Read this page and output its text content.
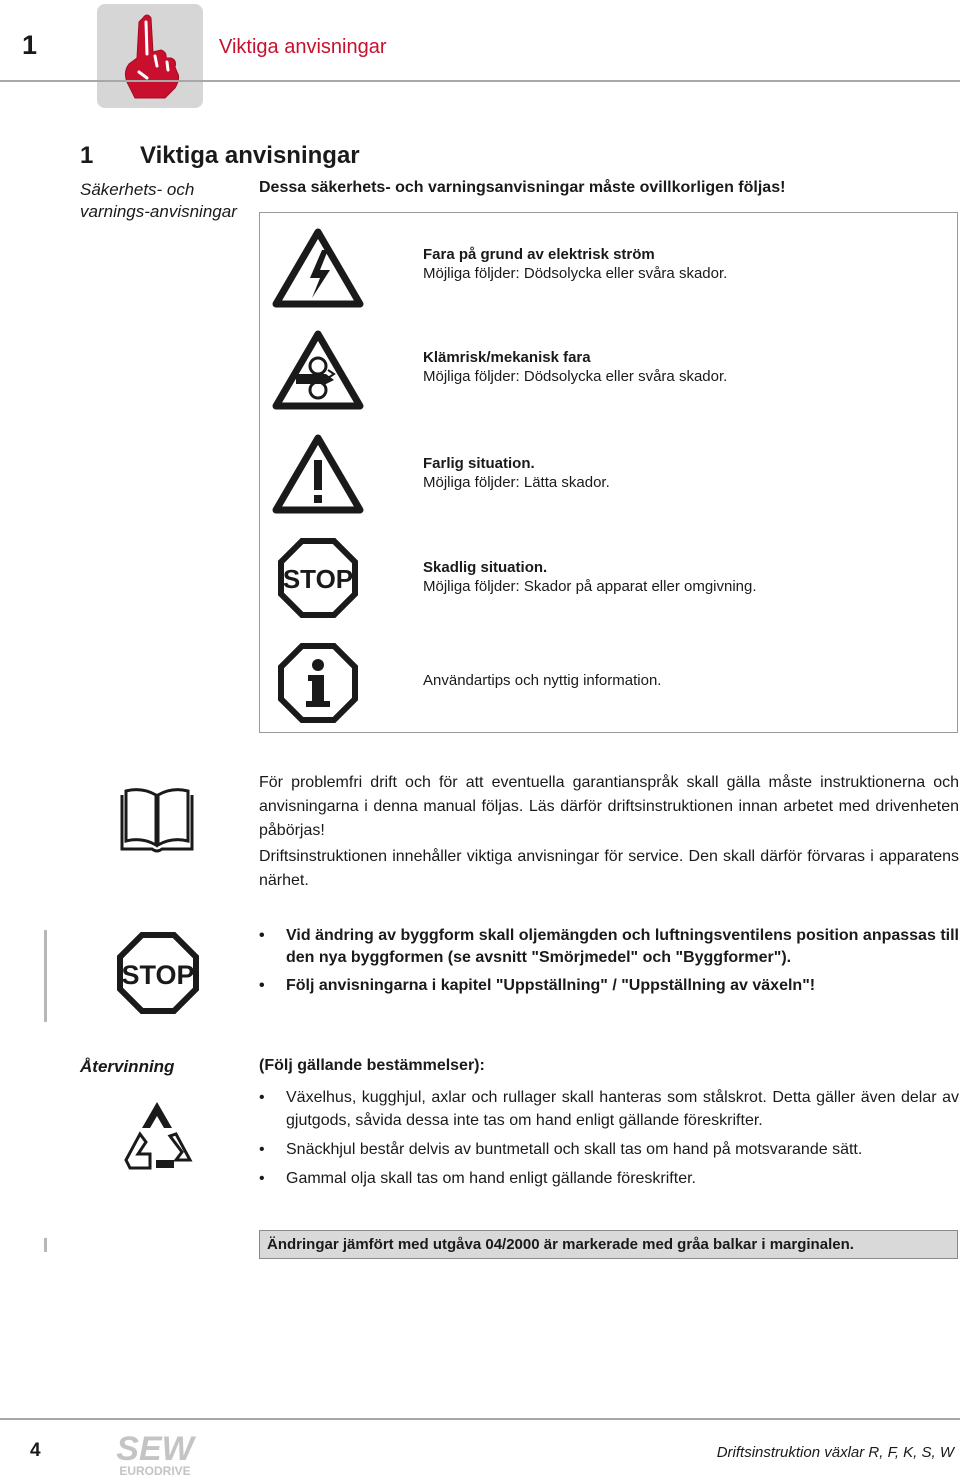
1	Viktiga anvisningar
1 Viktiga anvisningar
Säkerhets- och varnings-anvisningar
Dessa säkerhets- och varningsanvisningar måste ovillkorligen följas!
Fara på grund av elektrisk ström
Möjliga följder: Dödsolycka eller svåra skador.
Klämrisk/mekanisk fara
Möjliga följder: Dödsolycka eller svåra skador.
Farlig situation.
Möjliga följder: Lätta skador.
STOP	Skadlig situation.
Möjliga följder: Skador på apparat eller omgivning.
Användartips och nyttig information.
För problemfri drift och för att eventuella garantianspråk skall gälla måste instruktionerna och anvisningarna i denna manual följas. Läs därför driftsinstruktionen innan arbetet med drivenheten påbörjas!
Driftsinstruktionen innehåller viktiga anvisningar för service. Den skall därför förvaras i apparatens närhet.
STOP
• Vid ändring av byggform skall oljemängden och luftningsventilens position anpassas till den nya byggformen (se avsnitt "Smörjmedel" och "Byggformer").
• Följ anvisningarna i kapitel "Uppställning" / "Uppställning av växeln"!
Återvinning	(Följ gällande bestämmelser):
• Växelhus, kugghjul, axlar och rullager skall hanteras som stålskrot. Detta gäller även delar av gjutgods, såvida dessa inte tas om hand enligt gällande föreskrifter.
• Snäckhjul består delvis av buntmetall och skall tas om hand på motsvarande sätt.
• Gammal olja skall tas om hand enligt gällande föreskrifter.
Ändringar jämfört med utgåva 04/2000 är markerade med gråa balkar i marginalen.
4 SEW
EURODRIVE
Driftsinstruktion växlar R, F, K, S, W
